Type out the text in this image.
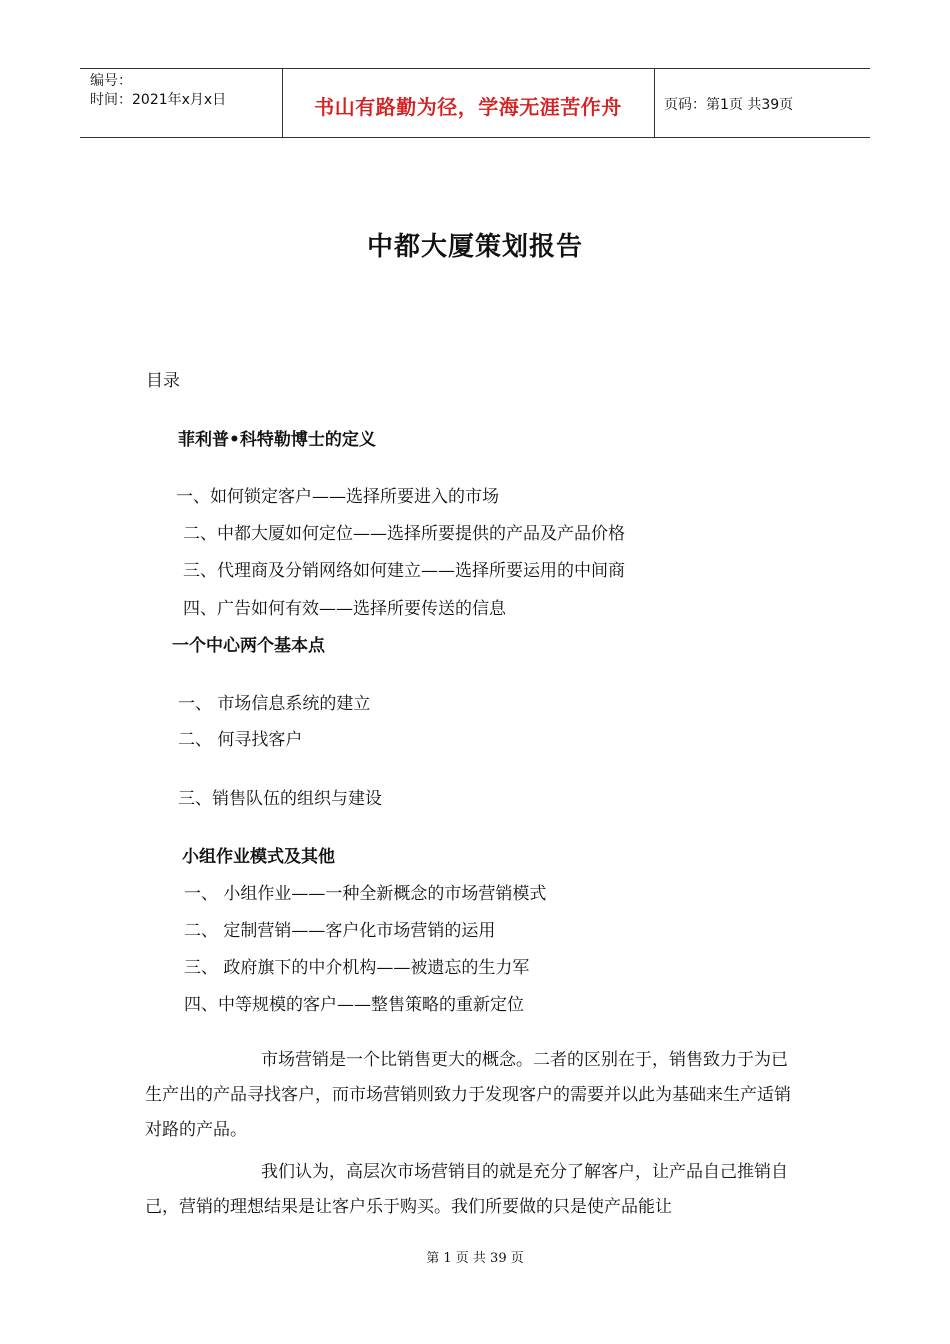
编号：
时间：2021年x月x日	书山有路勤为径，学海无涯苦作舟	页码：第1页 共39页
中都大厦策划报告
目录
菲利普•科特勒博士的定义
一、如何锁定客户——选择所要进入的市场
二、中都大厦如何定位——选择所要提供的产品及产品价格
三、代理商及分销网络如何建立——选择所要运用的中间商
四、广告如何有效——选择所要传送的信息
一个中心两个基本点
一、 市场信息系统的建立
二、 何寻找客户
三、销售队伍的组织与建设
小组作业模式及其他
一、 小组作业——一种全新概念的市场营销模式
二、 定制营销——客户化市场营销的运用
三、 政府旗下的中介机构——被遗忘的生力军
四、中等规模的客户——整售策略的重新定位

市场营销是一个比销售更大的概念。二者的区别在于，销售致力于为已生产出的产品寻找客户，而市场营销则致力于发现客户的需要并以此为基础来生产适销对路的产品。

我们认为，高层次市场营销目的就是充分了解客户，让产品自己推销自己，营销的理想结果是让客户乐于购买。我们所要做的只是使产品能让

第 1 页 共 39 页
